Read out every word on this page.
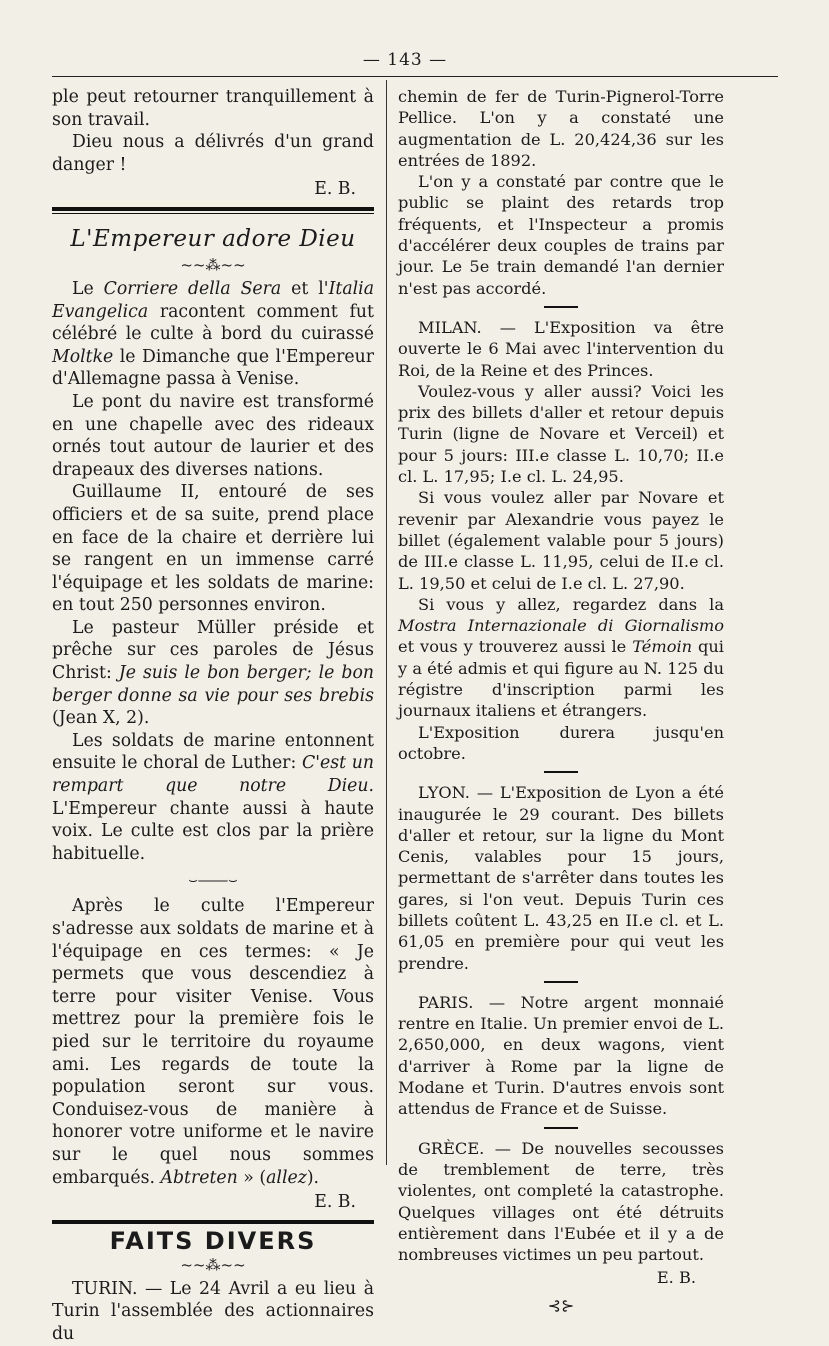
— 143 —

ple peut retourner tranquillement à son travail.

Dieu nous a délivrés d'un grand danger !

E. B.
L'Empereur adore Dieu
~~⁂~~

Le Corriere della Sera et l'Italia Evangelica racontent comment fut célébré le culte à bord du cuirassé Moltke le Dimanche que l'Empereur d'Allemagne passa à Venise.

Le pont du navire est transformé en une chapelle avec des rideaux ornés tout autour de laurier et des drapeaux des diverses nations.

Guillaume II, entouré de ses officiers et de sa suite, prend place en face de la chaire et derrière lui se rangent en un immense carré l'équipage et les soldats de marine: en tout 250 personnes environ.

Le pasteur Müller préside et prêche sur ces paroles de Jésus Christ: Je suis le bon berger; le bon berger donne sa vie pour ses brebis (Jean X, 2).

Les soldats de marine entonnent ensuite le choral de Luther: C'est un rempart que notre Dieu. L'Empereur chante aussi à haute voix. Le culte est clos par la prière habituelle.

⌣⸺⌣

Après le culte l'Empereur s'adresse aux soldats de marine et à l'équipage en ces termes: « Je permets que vous descendiez à terre pour visiter Venise. Vous mettrez pour la première fois le pied sur le territoire du royaume ami. Les regards de toute la population seront sur vous. Conduisez-vous de manière à honorer votre uniforme et le navire sur le quel nous sommes embarqués. Abtreten » (allez).

E. B.
FAITS DIVERS
~~⁂~~

TURIN. — Le 24 Avril a eu lieu à Turin l'assemblée des actionnaires du

chemin de fer de Turin-Pignerol-Torre Pellice. L'on y a constaté une augmentation de L. 20,424,36 sur les entrées de 1892.

L'on y a constaté par contre que le public se plaint des retards trop fréquents, et l'Inspecteur a promis d'accélérer deux couples de trains par jour. Le 5e train demandé l'an dernier n'est pas accordé.

MILAN. — L'Exposition va être ouverte le 6 Mai avec l'intervention du Roi, de la Reine et des Princes.

Voulez-vous y aller aussi? Voici les prix des billets d'aller et retour depuis Turin (ligne de Novare et Verceil) et pour 5 jours: III.e classe L. 10,70; II.e cl. L. 17,95; I.e cl. L. 24,95.

Si vous voulez aller par Novare et revenir par Alexandrie vous payez le billet (également valable pour 5 jours) de III.e classe L. 11,95, celui de II.e cl. L. 19,50 et celui de I.e cl. L. 27,90.

Si vous y allez, regardez dans la Mostra Internazionale di Giornalismo et vous y trouverez aussi le Témoin qui y a été admis et qui figure au N. 125 du régistre d'inscription parmi les journaux italiens et étrangers.

L'Exposition durera jusqu'en octobre.

LYON. — L'Exposition de Lyon a été inaugurée le 29 courant. Des billets d'aller et retour, sur la ligne du Mont Cenis, valables pour 15 jours, permettant de s'arrêter dans toutes les gares, si l'on veut. Depuis Turin ces billets coûtent L. 43,25 en II.e cl. et L. 61,05 en première pour qui veut les prendre.

PARIS. — Notre argent monnaié rentre en Italie. Un premier envoi de L. 2,650,000, en deux wagons, vient d'arriver à Rome par la ligne de Modane et Turin. D'autres envois sont attendus de France et de Suisse.

GRÈCE. — De nouvelles secousses de tremblement de terre, très violentes, ont completé la catastrophe. Quelques villages ont été détruits entièrement dans l'Eubée et il y a de nombreuses victimes un peu partout.

E. B.
⊰⊱
